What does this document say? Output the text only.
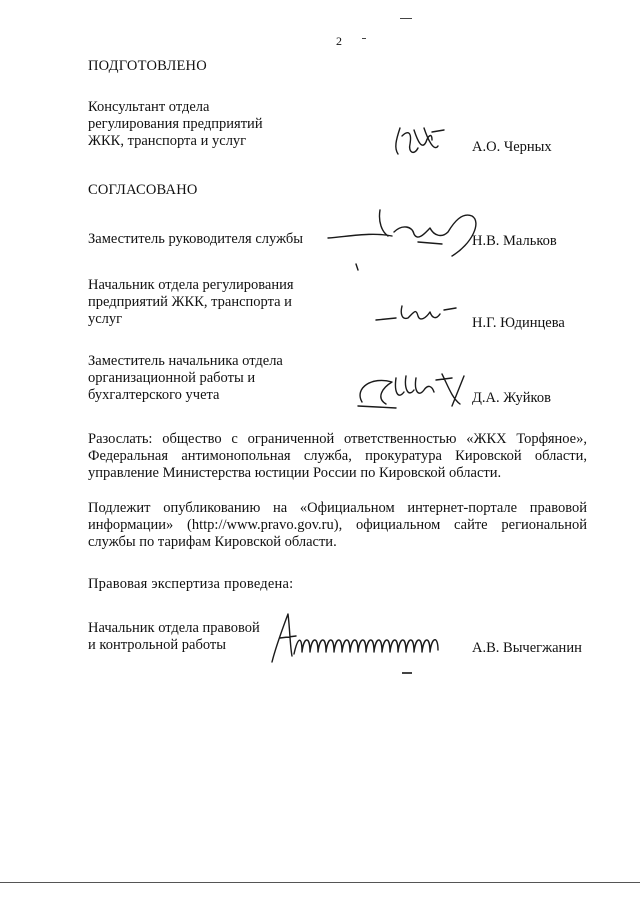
2
ПОДГОТОВЛЕНО
Консультант отдела
регулирования предприятий
ЖКК, транспорта и услуг	А.О. Черных
СОГЛАСОВАНО
Заместитель руководителя службы	Н.В. Мальков
Начальник отдела регулирования
предприятий ЖКК, транспорта и
услуг	Н.Г. Юдинцева
Заместитель начальника отдела
организационной работы и
бухгалтерского учета	Д.А. Жуйков

Разослать: общество с ограниченной ответственностью «ЖКХ Торфяное», Федеральная антимонопольная служба, прокуратура Кировской области, управление Министерства юстиции России по Кировской области.

Подлежит опубликованию на «Официальном интернет-портале правовой информации» (http://www.pravo.gov.ru), официальном сайте региональной службы по тарифам Кировской области.

Правовая экспертиза проведена:
Начальник отдела правовой
и контрольной работы	А.В. Вычегжанин
